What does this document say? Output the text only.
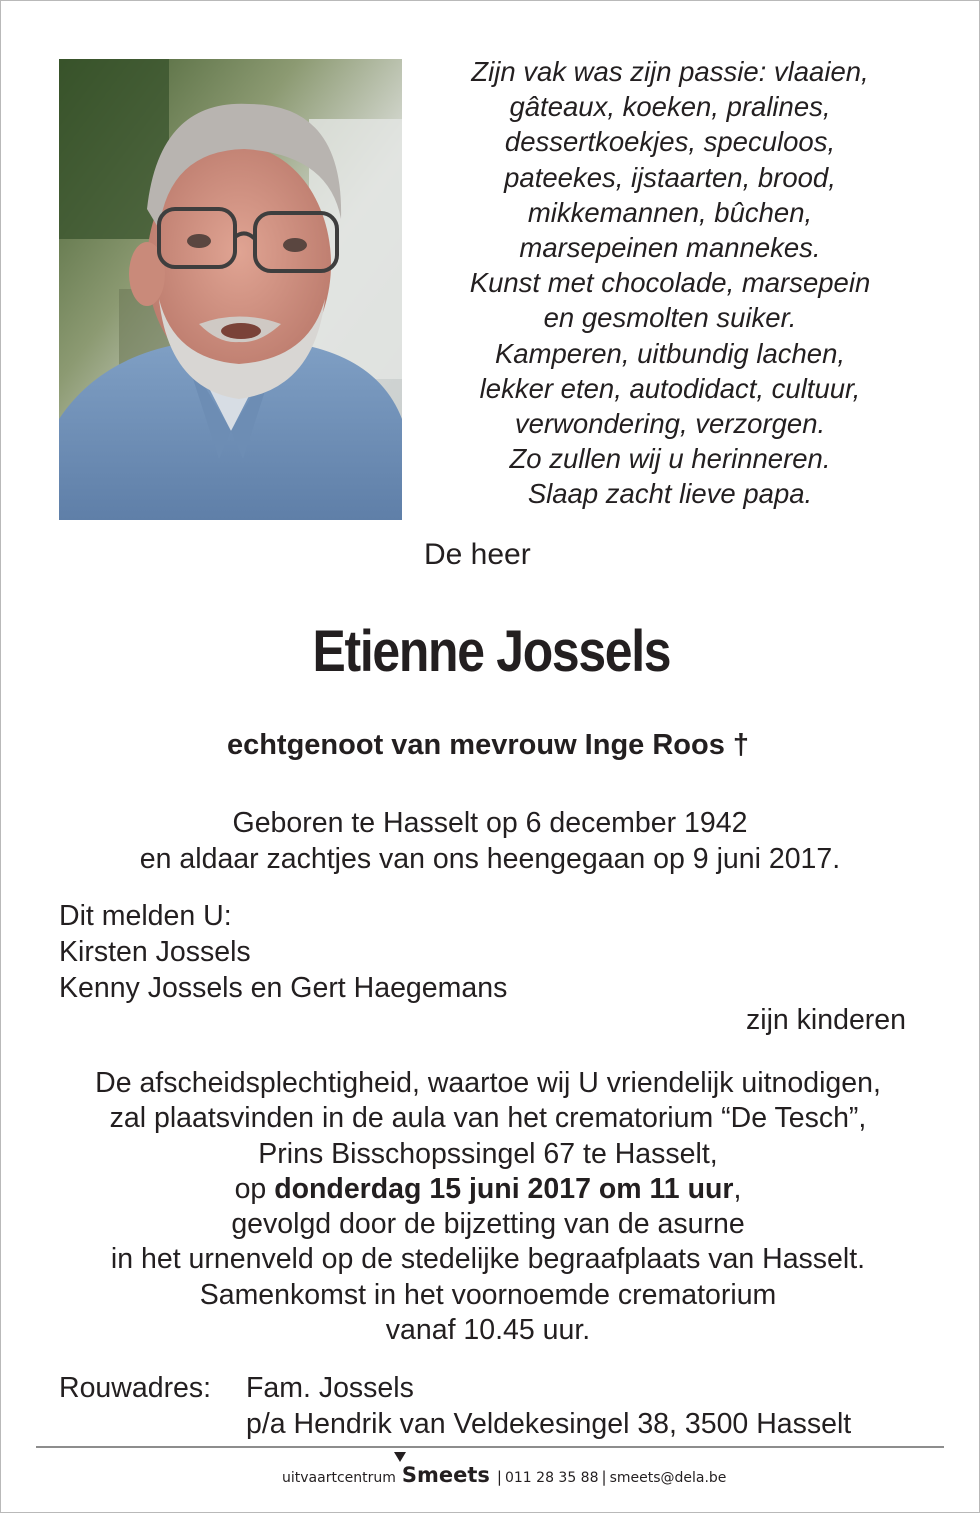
Zijn vak was zijn passie: vlaaien,
gâteaux, koeken, pralines,
dessertkoekjes, speculoos,
pateekes, ijstaarten, brood,
mikkemannen, bûchen,
marsepeinen mannekes.
Kunst met chocolade, marsepein
en gesmolten suiker.
Kamperen, uitbundig lachen,
lekker eten, autodidact, cultuur,
verwondering, verzorgen.
Zo zullen wij u herinneren.
Slaap zacht lieve papa.
De heer
Etienne Jossels
echtgenoot van mevrouw Inge Roos †
Geboren te Hasselt op 6 december 1942
en aldaar zachtjes van ons heengegaan op 9 juni 2017.
Dit melden U:
Kirsten Jossels
Kenny Jossels en Gert Haegemans
zijn kinderen
De afscheidsplechtigheid, waartoe wij U vriendelijk uitnodigen,
zal plaatsvinden in de aula van het crematorium “De Tesch”,
Prins Bisschopssingel 67 te Hasselt,
op donderdag 15 juni 2017 om 11 uur,
gevolgd door de bijzetting van de asurne
in het urnenveld op de stedelijke begraafplaats van Hasselt.
Samenkomst in het voornoemde crematorium
vanaf 10.45 uur.
Rouwadres: Fam. Jossels
p/a Hendrik van Veldekesingel 38, 3500 Hasselt
uitvaartcentrum Smeets | 011 28 35 88 | smeets@dela.be
